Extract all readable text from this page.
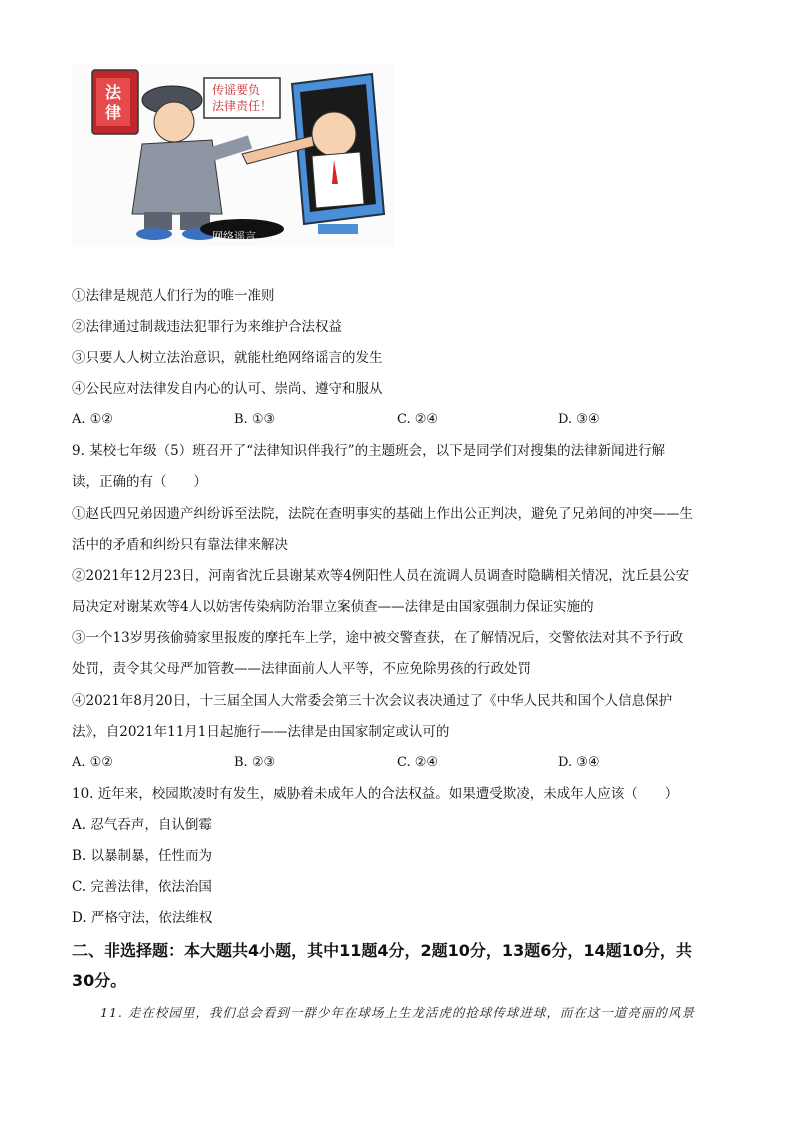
法
律
传谣要负
法律责任！
网络谣言
①法律是规范人们行为的唯一准则
②法律通过制裁违法犯罪行为来维护合法权益
③只要人人树立法治意识，就能杜绝网络谣言的发生
④公民应对法律发自内心的认可、崇尚、遵守和服从
A. ①②	B. ①③	C. ②④	D. ③④
9. 某校七年级（5）班召开了“法律知识伴我行”的主题班会，以下是同学们对搜集的法律新闻进行解
读，正确的有（　　）
①赵氏四兄弟因遗产纠纷诉至法院，法院在查明事实的基础上作出公正判决，避免了兄弟间的冲突——生
活中的矛盾和纠纷只有靠法律来解决
②2021年12月23日，河南省沈丘县谢某欢等4例阳性人员在流调人员调查时隐瞒相关情况，沈丘县公安
局决定对谢某欢等4人以妨害传染病防治罪立案侦查——法律是由国家强制力保证实施的
③一个13岁男孩偷骑家里报废的摩托车上学，途中被交警查获，在了解情况后，交警依法对其不予行政
处罚，责令其父母严加管教——法律面前人人平等，不应免除男孩的行政处罚
④2021年8月20日，十三届全国人大常委会第三十次会议表决通过了《中华人民共和国个人信息保护
法》，自2021年11月1日起施行——法律是由国家制定或认可的
A. ①②	B. ②③	C. ②④	D. ③④
10. 近年来，校园欺凌时有发生，威胁着未成年人的合法权益。如果遭受欺凌，未成年人应该（　　）
A. 忍气吞声，自认倒霉
B. 以暴制暴，任性而为
C. 完善法律，依法治国
D. 严格守法，依法维权
二、非选择题：本大题共4小题，其中11题4分，2题10分，13题6分，14题10分，共
30分。
11. 走在校园里，我们总会看到一群少年在球场上生龙活虎的抢球传球进球，而在这一道亮丽的风景
